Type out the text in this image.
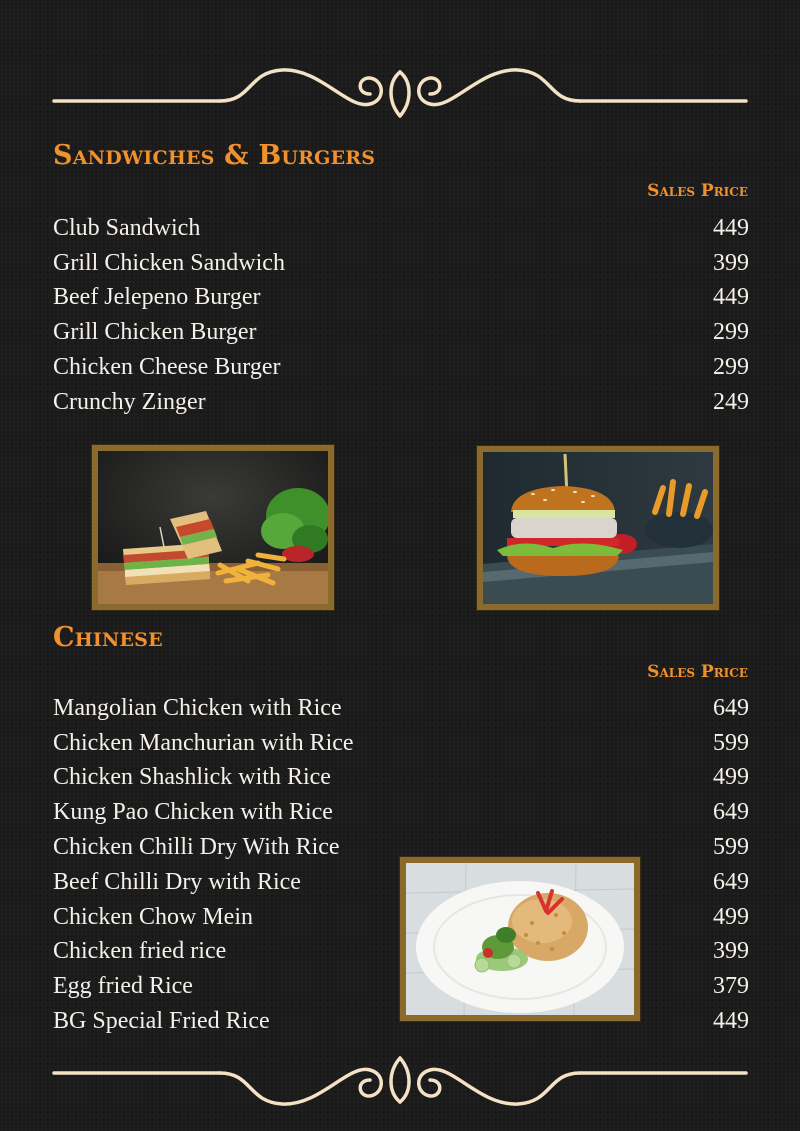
Sandwiches & Burgers
Sales Price
Club Sandwich	449
Grill Chicken Sandwich	399
Beef Jelepeno Burger	449
Grill Chicken Burger	299
Chicken Cheese Burger	299
Crunchy Zinger	249
Chinese
Sales Price
Mangolian Chicken with Rice	649
Chicken Manchurian with Rice	599
Chicken Shashlick with Rice	499
Kung Pao Chicken with Rice	649
Chicken Chilli Dry With Rice	599
Beef Chilli Dry with Rice	649
Chicken Chow Mein	499
Chicken fried rice	399
Egg fried Rice	379
BG Special Fried Rice	449
